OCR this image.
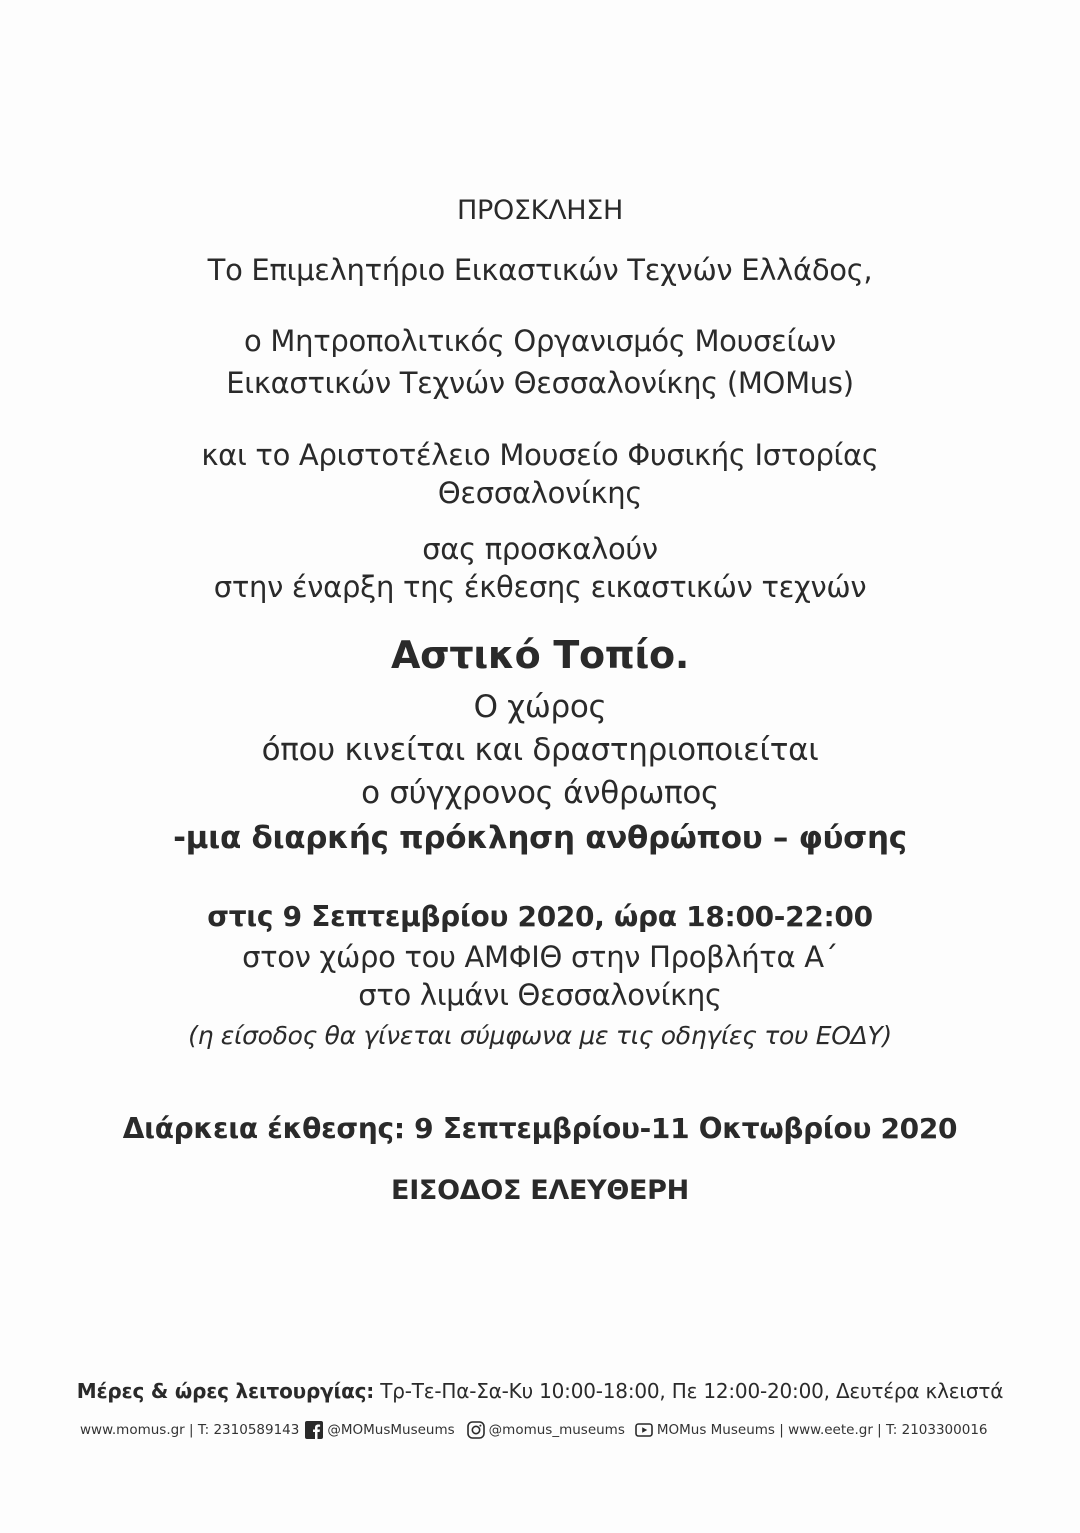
ΠΡΟΣΚΛΗΣΗ
Το Επιμελητήριο Εικαστικών Τεχνών Ελλάδος,
ο Μητροπολιτικός Οργανισμός Μουσείων
Εικαστικών Τεχνών Θεσσαλονίκης (ΜΟΜus)
και το Αριστοτέλειο Μουσείο Φυσικής Ιστορίας
Θεσσαλονίκης
σας προσκαλούν
στην έναρξη της έκθεσης εικαστικών τεχνών
Αστικό Τοπίο.
Ο χώρος
όπου κινείται και δραστηριοποιείται
ο σύγχρονος άνθρωπος
-μια διαρκής πρόκληση ανθρώπου – φύσης
στις 9 Σεπτεμβρίου 2020, ώρα 18:00-22:00
στον χώρο του ΑΜΦΙΘ στην Προβλήτα Α΄
στο λιμάνι Θεσσαλονίκης
(η είσοδος θα γίνεται σύμφωνα με τις οδηγίες του ΕΟΔΥ)
Διάρκεια έκθεσης: 9 Σεπτεμβρίου-11 Οκτωβρίου 2020
ΕΙΣΟΔΟΣ ΕΛΕΥΘΕΡΗ
Μέρες & ώρες λειτουργίας: Τρ-Τε-Πα-Σα-Κυ 10:00-18:00, Πε 12:00-20:00, Δευτέρα κλειστά
www.momus.gr | T: 2310589143 @MOMusMuseums	@momus_museums MOMus Museums | www.eete.gr | T: 2103300016
